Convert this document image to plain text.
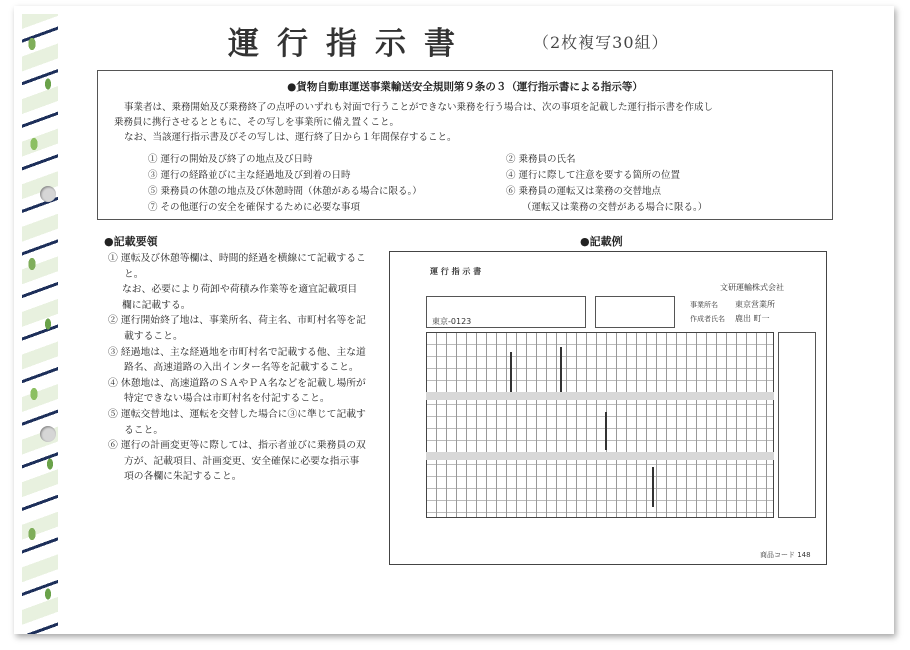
運行指示書	（2枚複写30組）
●貨物自動車運送事業輸送安全規則第９条の３（運行指示書による指示等）
事業者は、乗務開始及び乗務終了の点呼のいずれも対面で行うことができない乗務を行う場合は、次の事項を記載した運行指示書を作成し
乗務員に携行させるとともに、その写しを事業所に備え置くこと。
なお、当該運行指示書及びその写しは、運行終了日から１年間保存すること。
① 運行の開始及び終了の地点及び日時
③ 運行の経路並びに主な経過地及び到着の日時
⑤ 乗務員の休憩の地点及び休憩時間（休憩がある場合に限る。）
⑦ その他運行の安全を確保するために必要な事項
② 乗務員の氏名
④ 運行に際して注意を要する箇所の位置
⑥ 乗務員の運転又は業務の交替地点
（運転又は業務の交替がある場合に限る。）
●記載要領

① 運転及び休憩等欄は、時間的経過を横線にて記載すること。

なお、必要により荷卸や荷積み作業等を適宜記載項目欄に記載する。

② 運行開始終了地は、事業所名、荷主名、市町村名等を記載すること。

③ 経過地は、主な経過地を市町村名で記載する他、主な道路名、高速道路の入出インター名等を記載すること。

④ 休憩地は、高速道路のＳＡやＰＡ名などを記載し場所が特定できない場合は市町村名を付記すること。

⑤ 運転交替地は、運転を交替した場合に③に準じて記載すること。

⑥ 運行の計画変更等に際しては、指示者並びに乗務員の双方が、記載項目、計画変更、安全確保に必要な指示事項の各欄に朱記すること。

●記載例
運 行 指 示 書
文研運輸株式会社
事業所名 東京営業所
作成者氏名 鹿出 町一
東京-0123
商品コード 148
